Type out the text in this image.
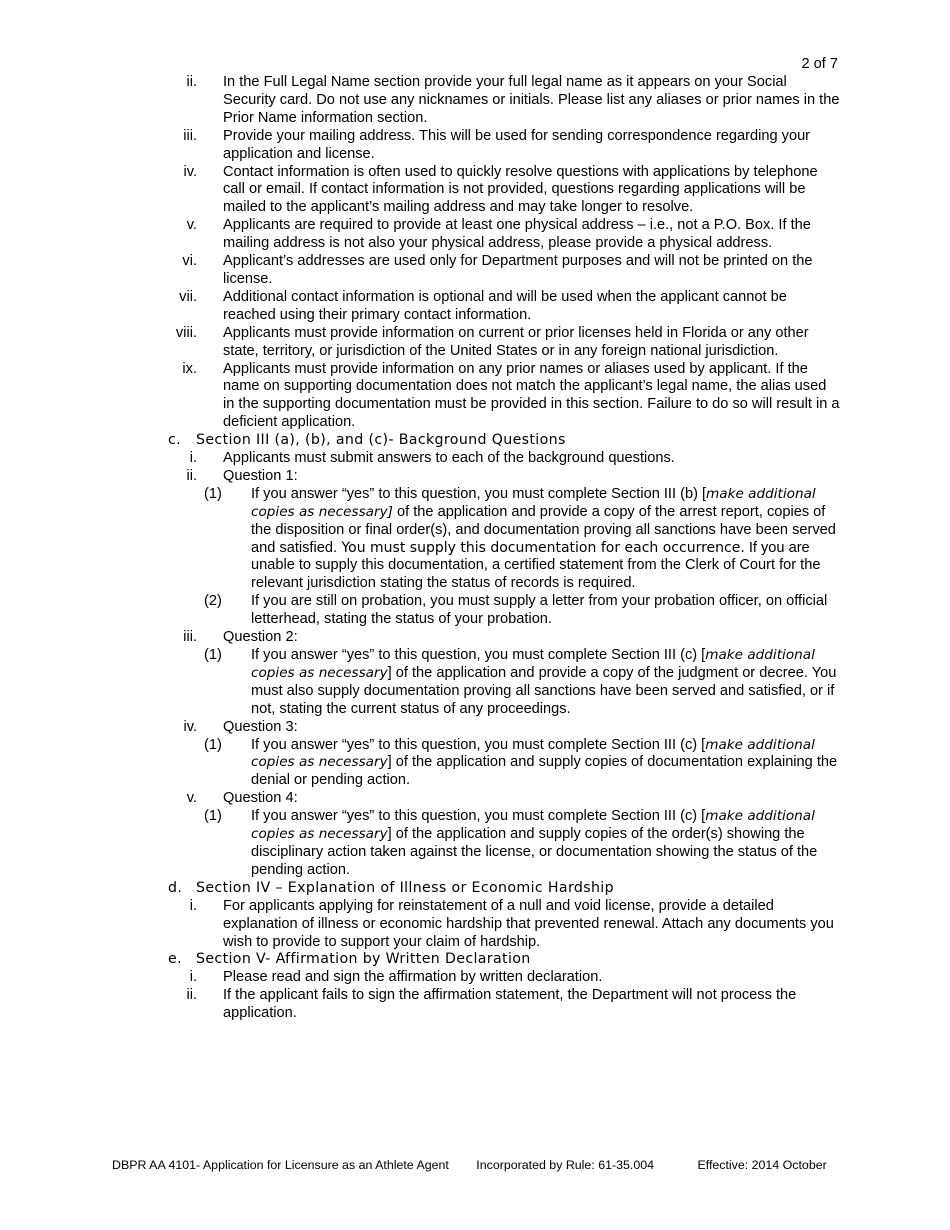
2 of 7
ii. In the Full Legal Name section provide your full legal name as it appears on your Social Security card. Do not use any nicknames or initials. Please list any aliases or prior names in the Prior Name information section.
iii. Provide your mailing address. This will be used for sending correspondence regarding your application and license.
iv. Contact information is often used to quickly resolve questions with applications by telephone call or email. If contact information is not provided, questions regarding applications will be mailed to the applicant’s mailing address and may take longer to resolve.
v. Applicants are required to provide at least one physical address – i.e., not a P.O. Box. If the mailing address is not also your physical address, please provide a physical address.
vi. Applicant’s addresses are used only for Department purposes and will not be printed on the license.
vii. Additional contact information is optional and will be used when the applicant cannot be reached using their primary contact information.
viii. Applicants must provide information on current or prior licenses held in Florida or any other state, territory, or jurisdiction of the United States or in any foreign national jurisdiction.
ix. Applicants must provide information on any prior names or aliases used by applicant. If the name on supporting documentation does not match the applicant’s legal name, the alias used in the supporting documentation must be provided in this section. Failure to do so will result in a deficient application.
c. Section III (a), (b), and (c)- Background Questions
i. Applicants must submit answers to each of the background questions.
ii. Question 1:
(1) If you answer “yes” to this question, you must complete Section III (b) [make additional copies as necessary] of the application and provide a copy of the arrest report, copies of the disposition or final order(s), and documentation proving all sanctions have been served and satisfied. You must supply this documentation for each occurrence. If you are unable to supply this documentation, a certified statement from the Clerk of Court for the relevant jurisdiction stating the status of records is required.
(2) If you are still on probation, you must supply a letter from your probation officer, on official letterhead, stating the status of your probation.
iii. Question 2:
(1) If you answer “yes” to this question, you must complete Section III (c) [make additional copies as necessary] of the application and provide a copy of the judgment or decree. You must also supply documentation proving all sanctions have been served and satisfied, or if not, stating the current status of any proceedings.
iv. Question 3:
(1) If you answer “yes” to this question, you must complete Section III (c) [make additional copies as necessary] of the application and supply copies of documentation explaining the denial or pending action.
v. Question 4:
(1) If you answer “yes” to this question, you must complete Section III (c) [make additional copies as necessary] of the application and supply copies of the order(s) showing the disciplinary action taken against the license, or documentation showing the status of the pending action.
d. Section IV – Explanation of Illness or Economic Hardship
i. For applicants applying for reinstatement of a null and void license, provide a detailed explanation of illness or economic hardship that prevented renewal. Attach any documents you wish to provide to support your claim of hardship.
e. Section V- Affirmation by Written Declaration
i. Please read and sign the affirmation by written declaration.
ii. If the applicant fails to sign the affirmation statement, the Department will not process the application.
DBPR AA 4101- Application for Licensure as an Athlete Agent Incorporated by Rule: 61-35.004	Effective: 2014 October
